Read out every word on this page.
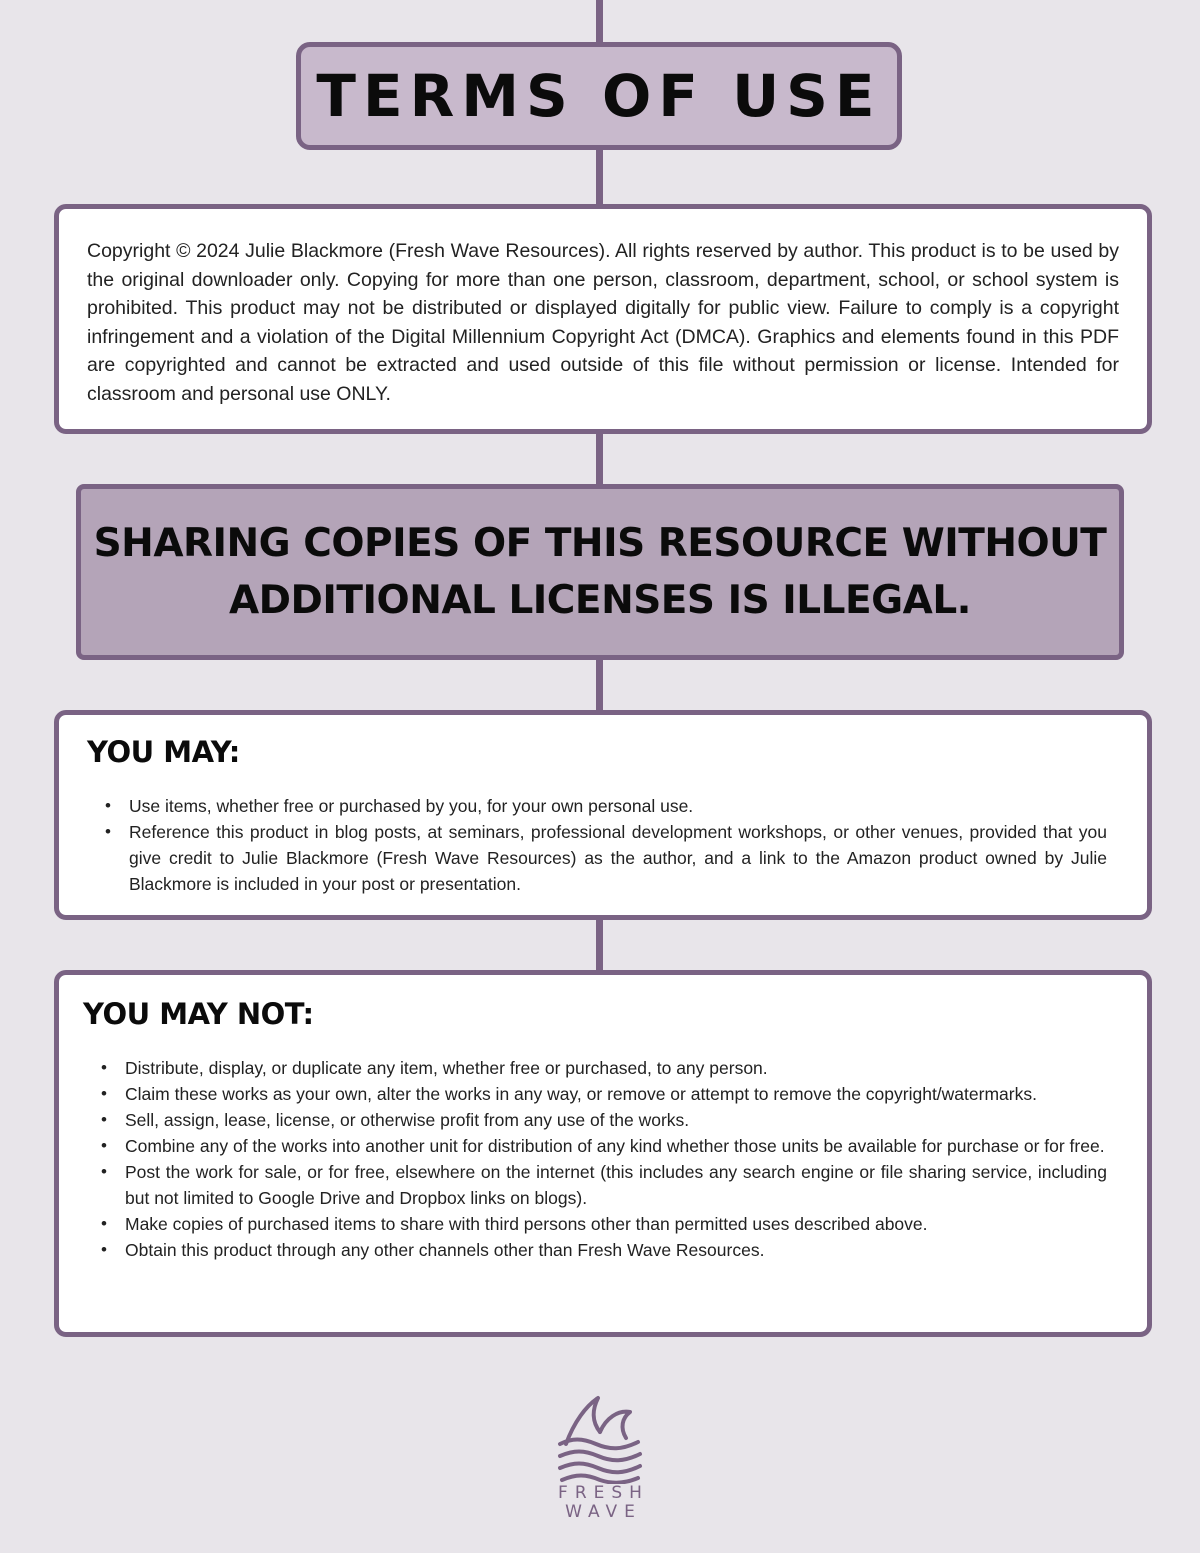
TERMS OF USE

Copyright © 2024 Julie Blackmore (Fresh Wave Resources). All rights reserved by author. This product is to be used by the original downloader only. Copying for more than one person, classroom, department, school, or school system is prohibited. This product may not be distributed or displayed digitally for public view. Failure to comply is a copyright infringement and a violation of the Digital Millennium Copyright Act (DMCA). Graphics and elements found in this PDF are copyrighted and cannot be extracted and used outside of this file without permission or license. Intended for classroom and personal use ONLY.

SHARING COPIES OF THIS RESOURCE WITHOUT
ADDITIONAL LICENSES IS ILLEGAL.

YOU MAY:
• Use items, whether free or purchased by you, for your own personal use.
• Reference this product in blog posts, at seminars, professional development workshops, or other venues, provided that you give credit to Julie Blackmore (Fresh Wave Resources) as the author, and a link to the Amazon product owned by Julie Blackmore is included in your post or presentation.
YOU MAY NOT:
• Distribute, display, or duplicate any item, whether free or purchased, to any person.
• Claim these works as your own, alter the works in any way, or remove or attempt to remove the copyright/watermarks.
• Sell, assign, lease, license, or otherwise profit from any use of the works.
• Combine any of the works into another unit for distribution of any kind whether those units be available for purchase or for free.
• Post the work for sale, or for free, elsewhere on the internet (this includes any search engine or file sharing service, including but not limited to Google Drive and Dropbox links on blogs).
• Make copies of purchased items to share with third persons other than permitted uses described above.
• Obtain this product through any other channels other than Fresh Wave Resources.
FRESH
WAVE
